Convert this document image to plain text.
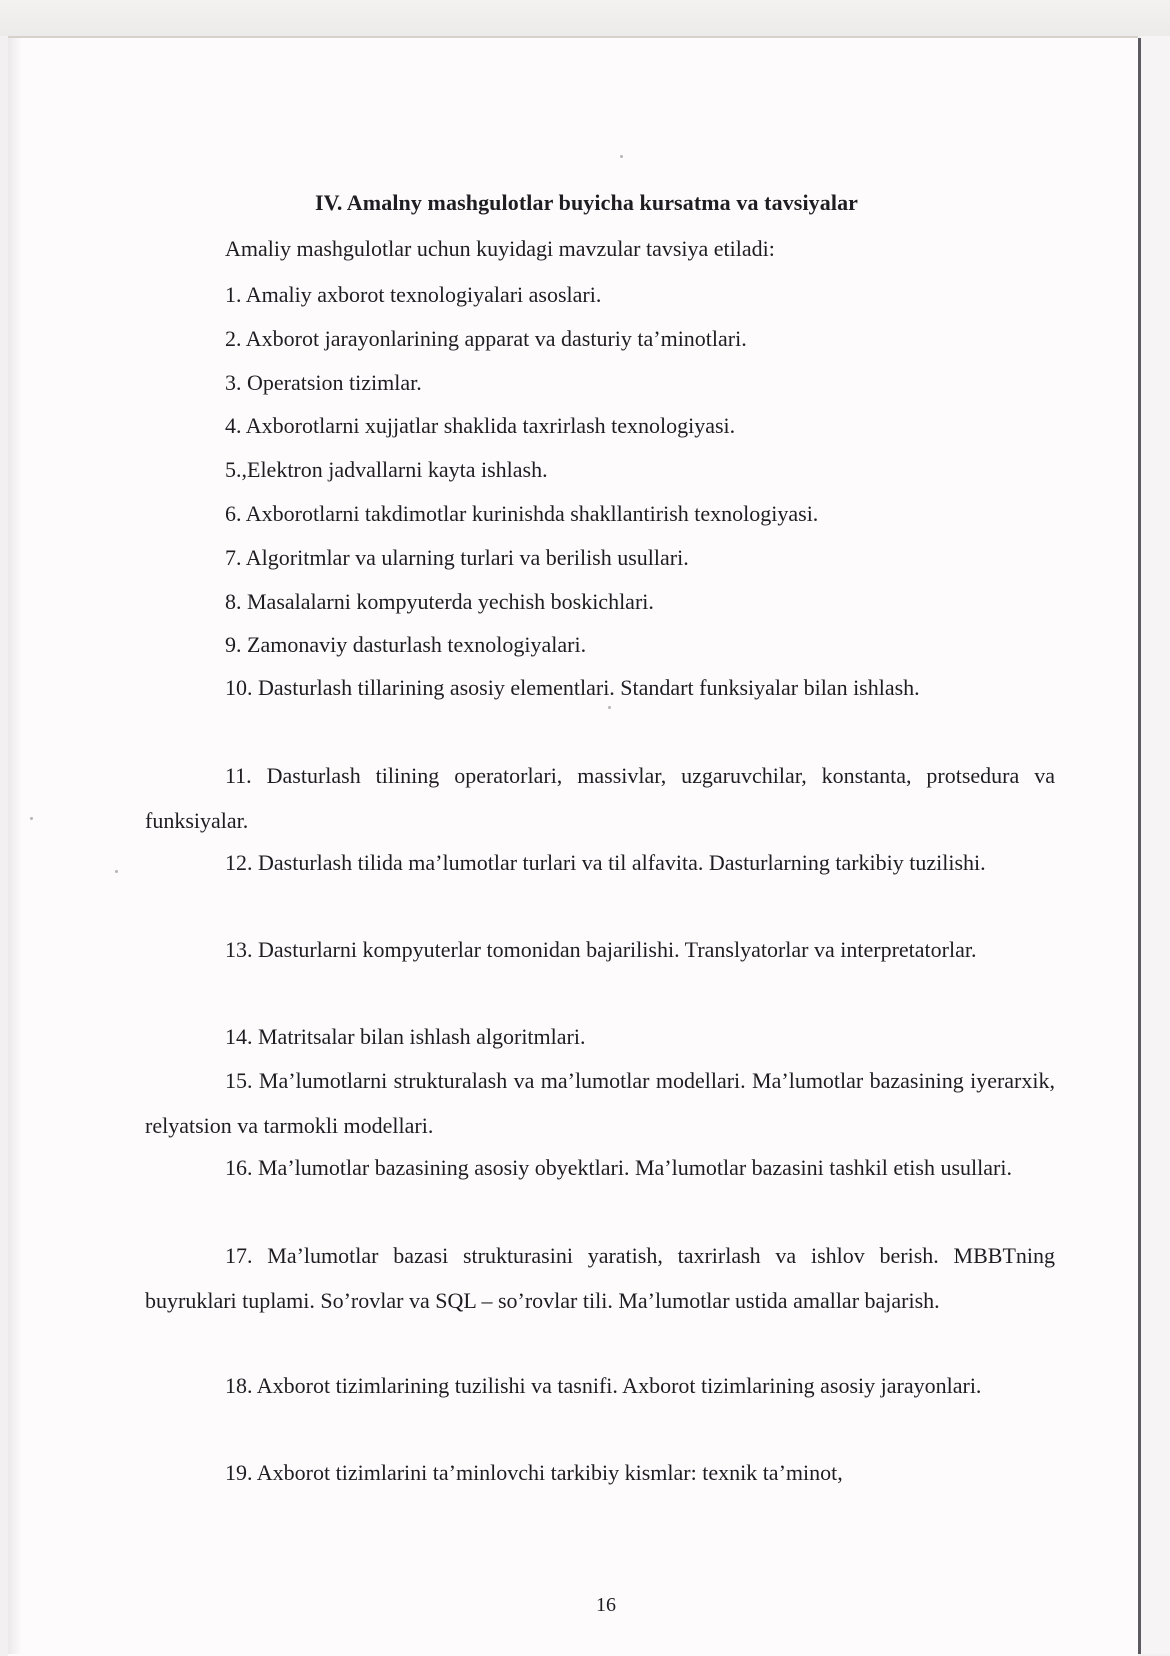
IV. Amalny mashgulotlar buyicha kursatma va tavsiyalar
Amaliy mashgulotlar uchun kuyidagi mavzular tavsiya etiladi:
1. Amaliy axborot texnologiyalari asoslari.
2. Axborot jarayonlarining apparat va dasturiy ta’minotlari.
3. Operatsion tizimlar.
4. Axborotlarni xujjatlar shaklida taxrirlash texnologiyasi.
5.,Elektron jadvallarni kayta ishlash.
6. Axborotlarni takdimotlar kurinishda shakllantirish texnologiyasi.
7. Algoritmlar va ularning turlari va berilish usullari.
8. Masalalarni kompyuterda yechish boskichlari.
9. Zamonaviy dasturlash texnologiyalari.
10. Dasturlash tillarining asosiy elementlari. Standart funksiyalar bilan ishlash.
11. Dasturlash tilining operatorlari, massivlar, uzgaruvchilar, konstanta, protsedura va funksiyalar.
12. Dasturlash tilida ma’lumotlar turlari va til alfavita. Dasturlarning tarkibiy tuzilishi.
13. Dasturlarni kompyuterlar tomonidan bajarilishi. Translyatorlar va interpretatorlar.
14. Matritsalar bilan ishlash algoritmlari.
15. Ma’lumotlarni strukturalash va ma’lumotlar modellari. Ma’lumotlar bazasining iyerarxik, relyatsion va tarmokli modellari.
16. Ma’lumotlar bazasining asosiy obyektlari. Ma’lumotlar bazasini tashkil etish usullari.
17. Ma’lumotlar bazasi strukturasini yaratish, taxrirlash va ishlov berish. MBBTning buyruklari tuplami. So’rovlar va SQL – so’rovlar tili. Ma’lumotlar ustida amallar bajarish.
18. Axborot tizimlarining tuzilishi va tasnifi. Axborot tizimlarining asosiy jarayonlari.
19. Axborot tizimlarini ta’minlovchi tarkibiy kismlar: texnik ta’minot,
16
